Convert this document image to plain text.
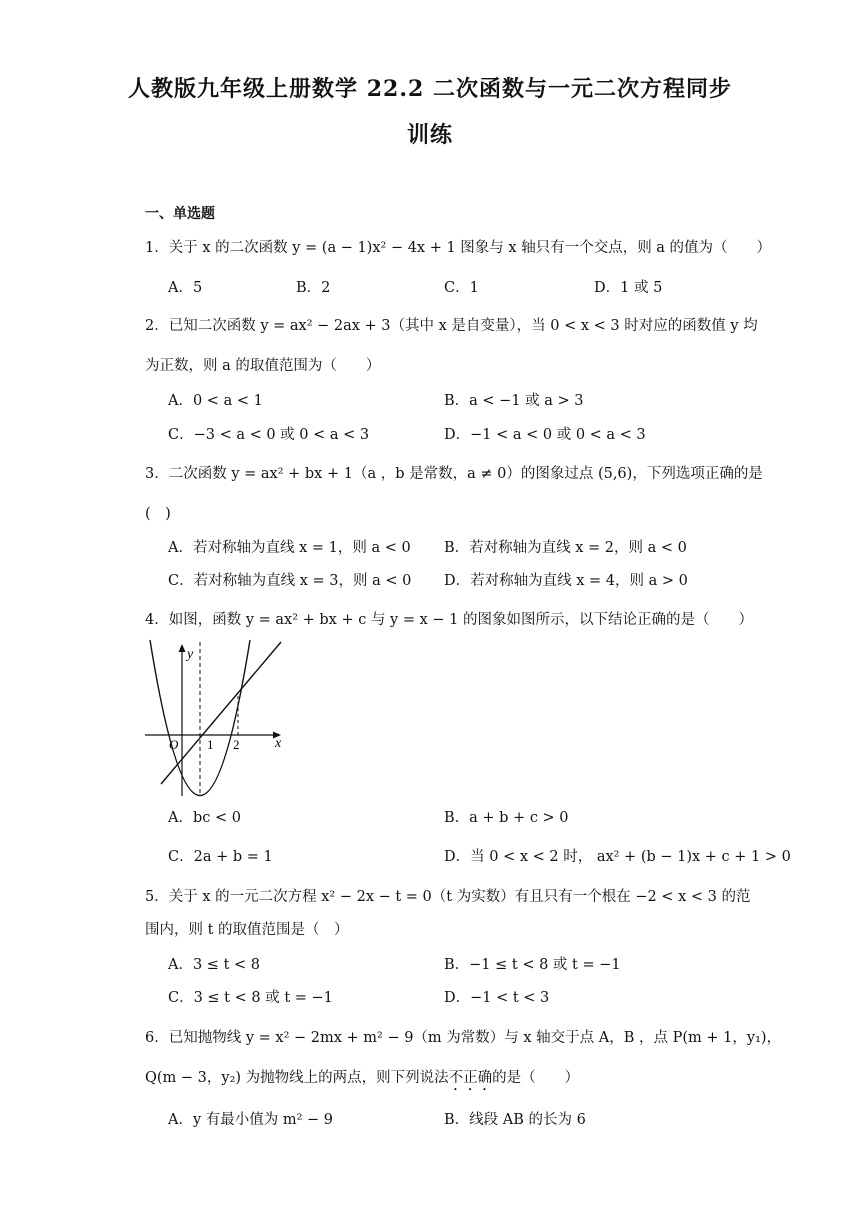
人教版九年级上册数学 22.2 二次函数与一元二次方程同步
训练
一、单选题
1．关于 x 的二次函数 y = (a − 1)x² − 4x + 1 图象与 x 轴只有一个交点，则 a 的值为（　　）
A．5	B．2	C．1	D．1 或 5
2．已知二次函数 y = ax² − 2ax + 3（其中 x 是自变量），当 0 < x < 3 时对应的函数值 y 均
为正数，则 a 的取值范围为（　　）
A．0 < a < 1	B．a < −1 或 a > 3
C．−3 < a < 0 或 0 < a < 3	D．−1 < a < 0 或 0 < a < 3
3．二次函数 y = ax² + bx + 1（a ，b 是常数，a ≠ 0）的图象过点 (5,6)，下列选项正确的是
(　)
A．若对称轴为直线 x = 1，则 a < 0 B．若对称轴为直线 x = 2，则 a < 0
C．若对称轴为直线 x = 3，则 a < 0 D．若对称轴为直线 x = 4，则 a > 0
4．如图，函数 y = ax² + bx + c 与 y = x − 1 的图象如图所示，以下结论正确的是（　　）
y
x
O 1 2
A．bc < 0	B．a + b + c > 0
C．2a + b = 1	D．当 0 < x < 2 时， ax² + (b − 1)x + c + 1 > 0
5．关于 x 的一元二次方程 x² − 2x − t = 0（t 为实数）有且只有一个根在 −2 < x < 3 的范
围内，则 t 的取值范围是（　）
A．3 ≤ t < 8	B．−1 ≤ t < 8 或 t = −1
C．3 ≤ t < 8 或 t = −1	D．−1 < t < 3
6．已知抛物线 y = x² − 2mx + m² − 9（m 为常数）与 x 轴交于点 A，B ，点 P(m + 1，y₁)，
Q(m − 3，y₂) 为抛物线上的两点，则下列说法不正确的是（　　）
A．y 有最小值为 m² − 9	B．线段 AB 的长为 6
